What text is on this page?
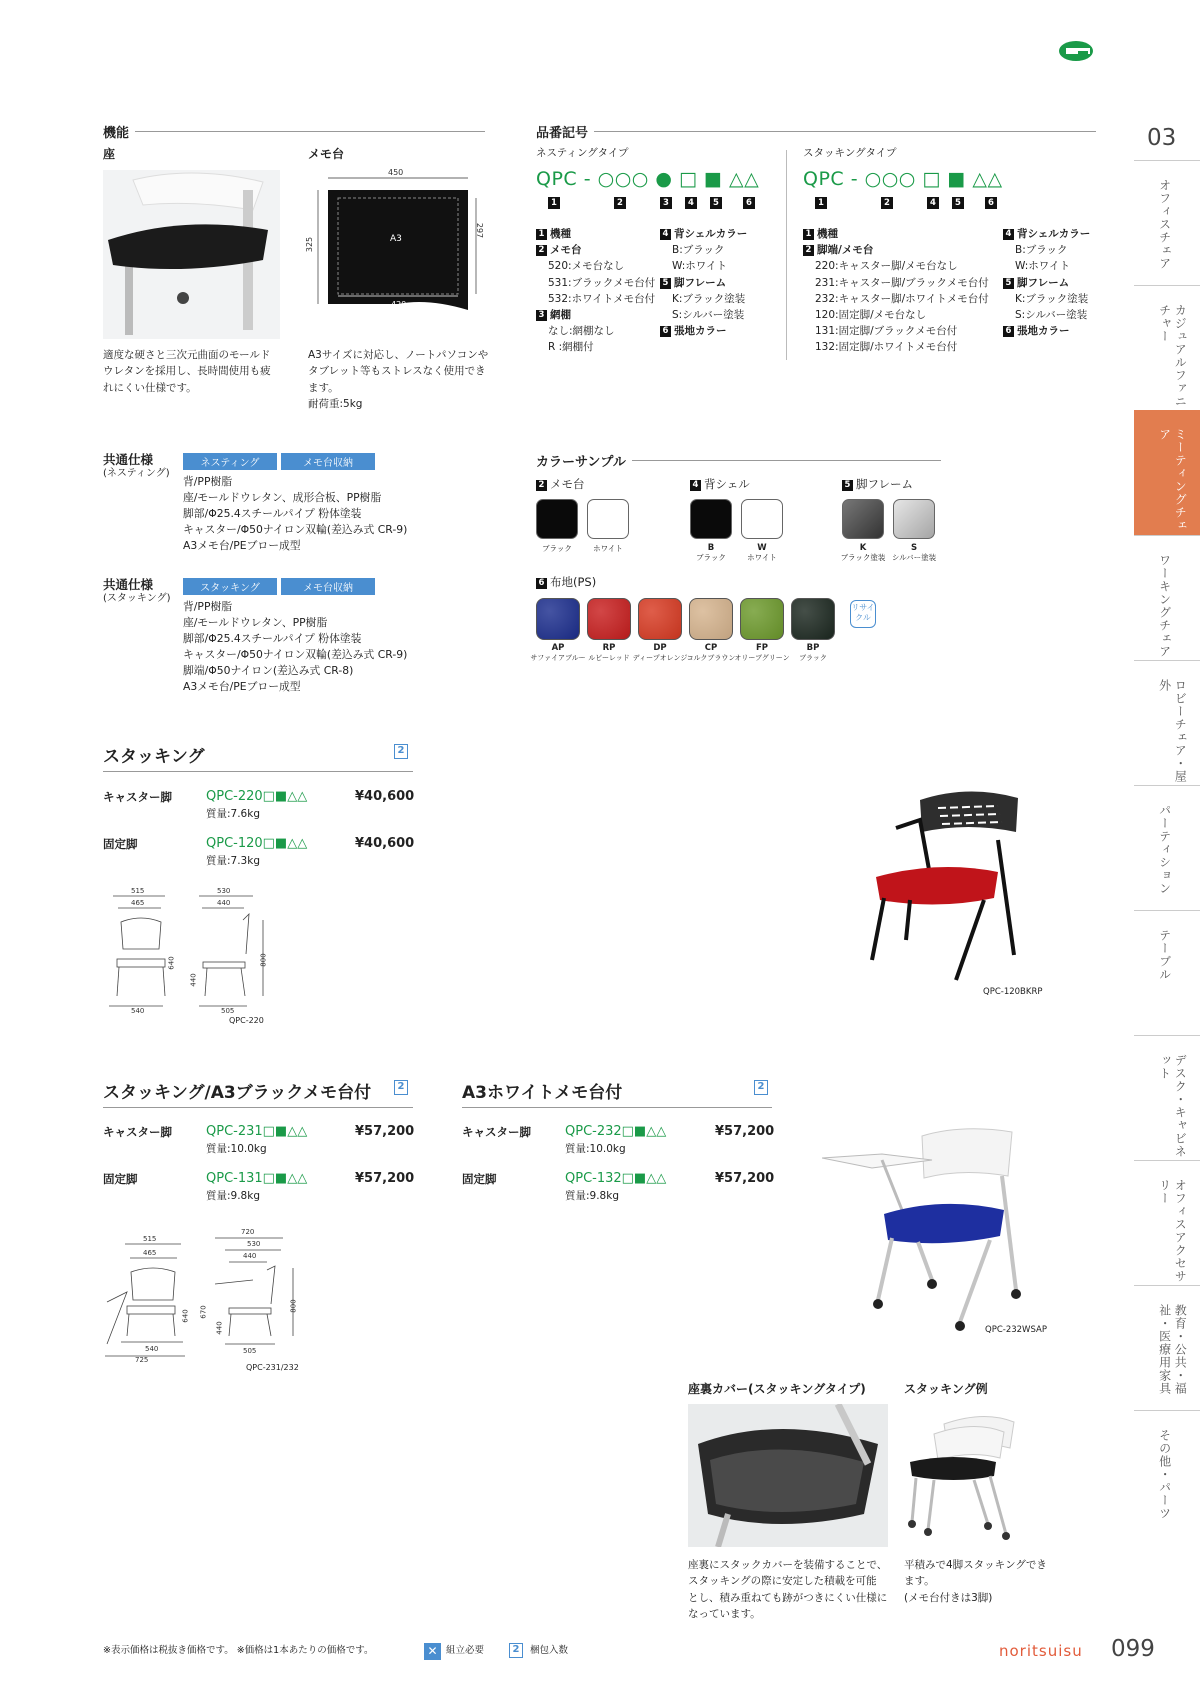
機能
座	メモ台
適度な硬さと三次元曲面のモールド
ウレタンを採用し、長時間使用も疲
れにくい仕様です。
450
325
297
A3
420
A3サイズに対応し、ノートパソコンや
タブレット等もストレスなく使用でき
ます。
耐荷重:5kg
品番記号
ネスティングタイプ
QPC - ○○○ ● □ ■ △△
1	2	3	4	5	6
1 機種
2 メモ台
520:メモ台なし
531:ブラックメモ台付
532:ホワイトメモ台付
3 網棚
なし:網棚なし
R :網棚付
4 背シェルカラー
B:ブラック
W:ホワイト
5 脚フレーム
K:ブラック塗装
S:シルバー塗装
6 張地カラー
スタッキングタイプ
QPC - ○○○ □ ■ △△
1	2	4	5	6
1 機種
2 脚端/メモ台
220:キャスター脚/メモ台なし
231:キャスター脚/ブラックメモ台付
232:キャスター脚/ホワイトメモ台付
120:固定脚/メモ台なし
131:固定脚/ブラックメモ台付
132:固定脚/ホワイトメモ台付
4 背シェルカラー
B:ブラック
W:ホワイト
5 脚フレーム
K:ブラック塗装
S:シルバー塗装
6 張地カラー
共通仕様
(ネスティング)
ネスティング	メモ台収納
背/PP樹脂
座/モールドウレタン、成形合板、PP樹脂
脚部/Φ25.4スチールパイプ 粉体塗装
キャスター/Φ50ナイロン双輪(差込み式 CR-9)
A3メモ台/PEブロー成型
共通仕様
(スタッキング)
スタッキング	メモ台収納
背/PP樹脂
座/モールドウレタン、PP樹脂
脚部/Φ25.4スチールパイプ 粉体塗装
キャスター/Φ50ナイロン双輪(差込み式 CR-9)
脚端/Φ50ナイロン(差込み式 CR-8)
A3メモ台/PEブロー成型
カラーサンプル
2 メモ台
ブラック	ホワイト
4 背シェル
B
ブラック
W
ホワイト
5 脚フレーム
K
ブラック塗装
S
シルバー塗装
6 布地(PS)
AP
サファイアブルー
RP
ルビーレッド
DP
ディープオレンジ
CP
コルクブラウン
FP
オリーブグリーン
BP
ブラック
リサイクル
スタッキング	2
キャスター脚	QPC-220□■△△	¥40,600
質量:7.6kg
固定脚	QPC-120□■△△	¥40,600
質量:7.3kg
515
465
530
440
640
440
800
540	505
QPC-220
QPC-120BKRP
スタッキング/A3ブラックメモ台付	2
キャスター脚	QPC-231□■△△	¥57,200
質量:10.0kg
固定脚	QPC-131□■△△	¥57,200
質量:9.8kg
515
465
720
530
440
640 670
440
800
540
725
505
QPC-231/232
A3ホワイトメモ台付	2
キャスター脚	QPC-232□■△△	¥57,200
質量:10.0kg
固定脚	QPC-132□■△△	¥57,200
質量:9.8kg
QPC-232WSAP
座裏カバー(スタッキングタイプ)
座裏にスタックカバーを装備することで、
スタッキングの際に安定した積載を可能
とし、積み重ねても跡がつきにくい仕様に
なっています。
スタッキング例
平積みで4脚スタッキングでき
ます。
(メモ台付きは3脚)
※表示価格は税抜き価格です。 ※価格は1本あたりの価格です。	✕ 組立必要	2	梱包入数	noritsuisu 099
03
オフィスチェア
カジュアルファニチャー
ミーティングチェア
ワーキングチェア
ロビーチェア・屋外
パーティション
テーブル
デスク・キャビネット
オフィスアクセサリー
教育・公共・福祉・医療用家具
その他・パーツ
